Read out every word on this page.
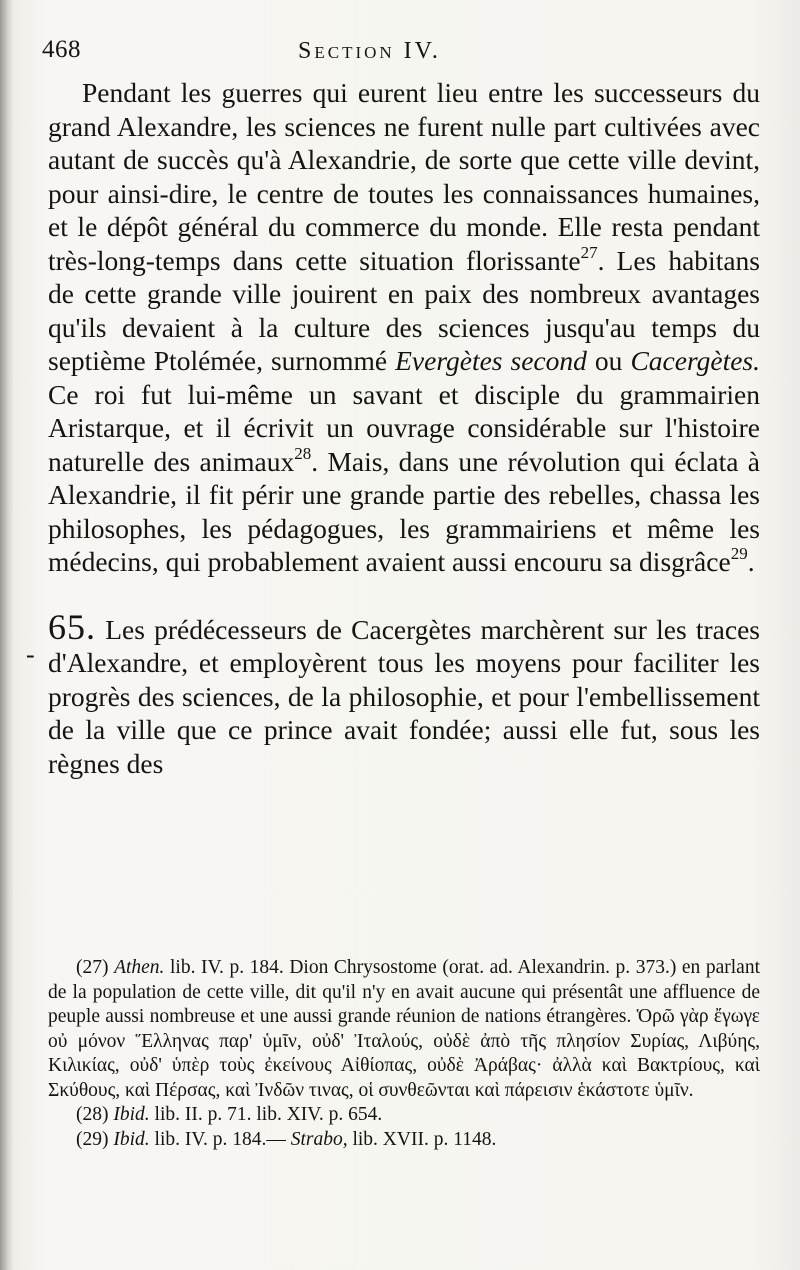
468	Section IV.
-

Pendant les guerres qui eurent lieu entre les successeurs du grand Alexandre, les sciences ne furent nulle part cultivées avec autant de succès qu'à Alexandrie, de sorte que cette ville devint, pour ainsi-dire, le centre de toutes les connaissances humaines, et le dépôt général du commerce du monde. Elle resta pendant très-long-temps dans cette situation florissante$^{27}$. Les habitans de cette grande ville jouirent en paix des nombreux avantages qu'ils devaient à la culture des sciences jusqu'au temps du septième Ptolémée, surnommé Evergètes second ou Cacergètes. Ce roi fut lui-même un savant et disciple du grammairien Aristarque, et il écrivit un ouvrage considérable sur l'histoire naturelle des animaux$^{28}$. Mais, dans une révolution qui éclata à Alexandrie, il fit périr une grande partie des rebelles, chassa les philosophes, les pédagogues, les grammairiens et même les médecins, qui probablement avaient aussi encouru sa disgrâce$^{29}$.

65. Les prédécesseurs de Cacergètes marchèrent sur les traces d'Alexandre, et employèrent tous les moyens pour faciliter les progrès des sciences, de la philosophie, et pour l'embellissement de la ville que ce prince avait fondée; aussi elle fut, sous les règnes des

(27) Athen. lib. IV. p. 184. Dion Chrysostome (orat. ad. Alexandrin. p. 373.) en parlant de la population de cette ville, dit qu'il n'y en avait aucune qui présentât une affluence de peuple aussi nombreuse et une aussi grande réunion de nations étrangères. Ὁρῶ γὰρ ἔγωγε οὐ μόνον Ἕλληνας παρ' ὑμῖν, οὐδ' Ἰταλούς, οὐδὲ ἀπὸ τῆς πλησίον Συρίας, Λιβύης, Κιλικίας, οὐδ' ὑπὲρ τοὺς ἐκείνους Αἰθίοπας, οὐδὲ Ἀράβας· ἀλλὰ καὶ Βακτρίους, καὶ Σκύθους, καὶ Πέρσας, καὶ Ἰνδῶν τινας, οἱ συνθεῶνται καὶ πάρεισιν ἑκάστοτε ὑμῖν.

(28) Ibid. lib. II. p. 71. lib. XIV. p. 654.

(29) Ibid. lib. IV. p. 184.— Strabo, lib. XVII. p. 1148.
